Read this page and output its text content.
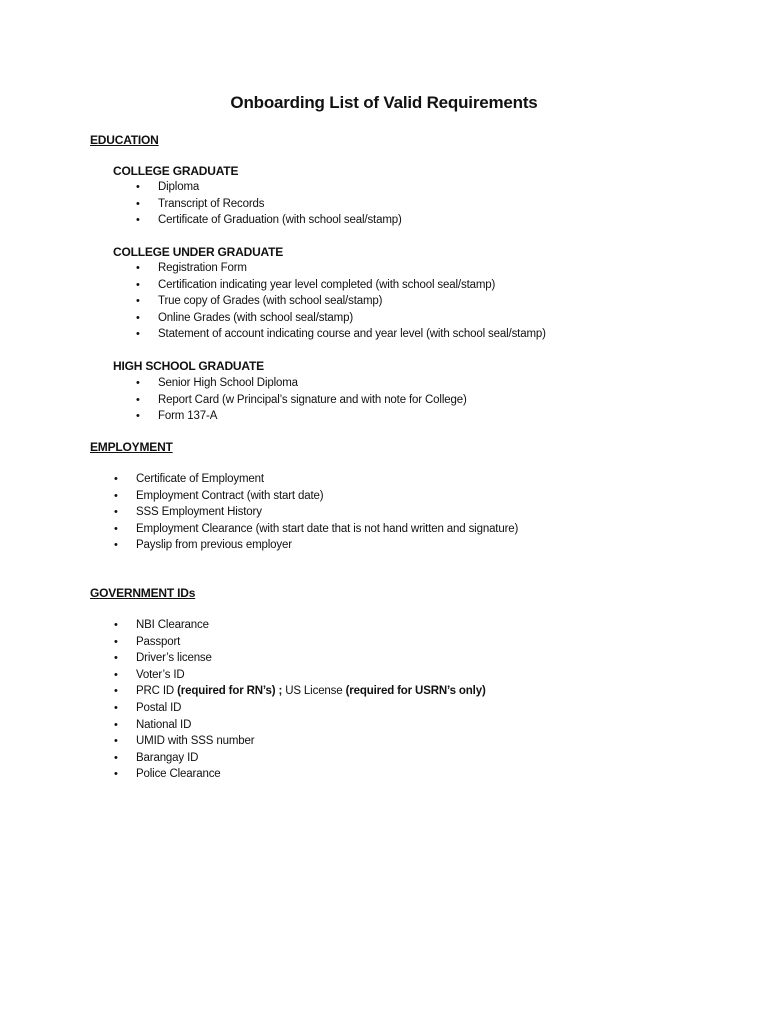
Onboarding List of Valid Requirements
EDUCATION
COLLEGE GRADUATE
• Diploma
• Transcript of Records
• Certificate of Graduation (with school seal/stamp)
COLLEGE UNDER GRADUATE
• Registration Form
• Certification indicating year level completed (with school seal/stamp)
• True copy of Grades (with school seal/stamp)
• Online Grades (with school seal/stamp)
• Statement of account indicating course and year level (with school seal/stamp)
HIGH SCHOOL GRADUATE
• Senior High School Diploma
• Report Card (w Principal’s signature and with note for College)
• Form 137-A
EMPLOYMENT
• Certificate of Employment
• Employment Contract (with start date)
• SSS Employment History
• Employment Clearance (with start date that is not hand written and signature)
• Payslip from previous employer
GOVERNMENT IDs
• NBI Clearance
• Passport
• Driver’s license
• Voter’s ID
• PRC ID (required for RN’s) ; US License (required for USRN’s only)
• Postal ID
• National ID
• UMID with SSS number
• Barangay ID
• Police Clearance
